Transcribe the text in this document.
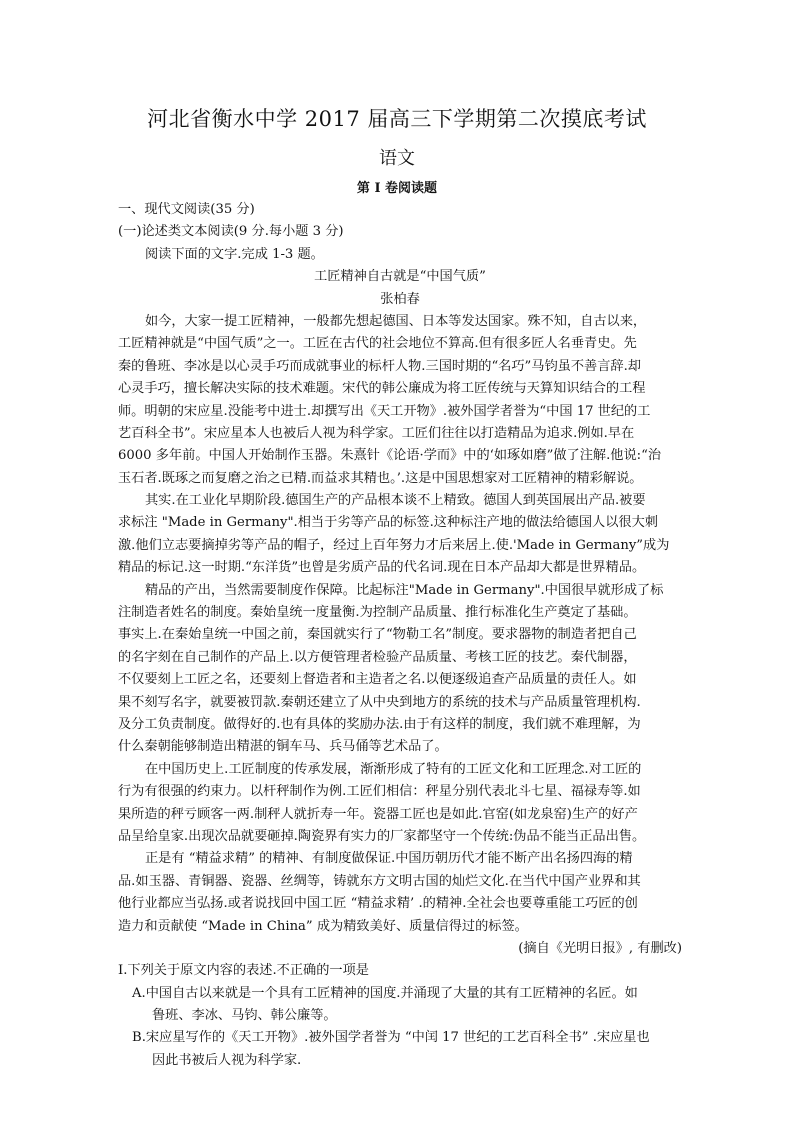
河北省衡水中学 2017 届高三下学期第二次摸底考试
语文
第 I 卷阅读题
一、现代文阅读(35 分)
(一)论述类文本阅读(9 分.每小题 3 分)
阅读下面的文字.完成 1-3 题。
工匠精神自古就是“中国气质”
张柏春
如今，大家一提工匠精神，一般都先想起德国、日本等发达国家。殊不知，自古以来，
工匠精神就是“中国气质”之一。工匠在古代的社会地位不算高.但有很多匠人名垂青史。先
秦的鲁班、李冰是以心灵手巧而成就事业的标杆人物.三国时期的“名巧”马钧虽不善言辞.却
心灵手巧，擅长解决实际的技术难题。宋代的韩公廉成为将工匠传统与天算知识结合的工程
师。明朝的宋应星.没能考中进士.却撰写出《天工开物》.被外国学者誉为“中国 17 世纪的工
艺百科全书”。宋应星本人也被后人视为科学家。工匠们往往以打造精品为追求.例如.早在
6000 多年前。中国人开始制作玉器。朱熹针《论语·学而》中的‘如琢如磨”做了注解.他说:“治
玉石者.既琢之而复磨之治之已精.而益求其精也。’.这是中国思想家对工匠精神的精彩解说。
其实.在工业化早期阶段.德国生产的产品根本谈不上精致。德国人到英国展出产品.被要
求标注 "Made in Germany".相当于劣等产品的标签.这种标注产地的做法给德国人以很大刺
激.他们立志要摘掉劣等产品的帽子，经过上百年努力才后来居上.使.'Made in Germany”成为
精品的标记.这一时期.“东洋货”也曾是劣质产品的代名词.现在日本产品却大都是世界精品。
精品的产出，当然需要制度作保障。比起标注"Made in Germany".中国很早就形成了标
注制造者姓名的制度。秦始皇统一度量衡.为控制产品质量、推行标准化生产奠定了基础。
事实上.在秦始皇统一中国之前，秦国就实行了“物勒工名”制度。要求器物的制造者把自己
的名字刻在自己制作的产品上.以方便管理者检验产品质量、考核工匠的技艺。秦代制器，
不仅要刻上工匠之名，还要刻上督造者和主造者之名.以便逐级追查产品质量的责任人。如
果不刻写名字，就要被罚款.秦朝还建立了从中央到地方的系统的技术与产品质量管理机构.
及分工负责制度。做得好的.也有具体的奖励办法.由于有这样的制度，我们就不难理解，为
什么秦朝能够制造出精湛的铜车马、兵马俑等艺术品了。
在中国历史上.工匠制度的传承发展，渐渐形成了特有的工匠文化和工匠理念.对工匠的
行为有很强的约束力。以杆秤制作为例.工匠们相信：秤星分别代表北斗七星、福禄寿等.如
果所造的秤亏顾客一两.制秤人就折寿一年。瓷器工匠也是如此.官窑(如龙泉窑)生产的好产
品呈给皇家.出现次品就要砸掉.陶瓷界有实力的厂家都坚守一个传统:伪品不能当正品出售。
正是有 “精益求精” 的精神、有制度做保证.中国历朝历代才能不断产出名扬四海的精
品.如玉器、青铜器、瓷器、丝绸等，铸就东方文明古国的灿烂文化.在当代中国产业界和其
他行业都应当弘扬.或者说找回中国工匠 “精益求精’ .的精神.全社会也要尊重能工巧匠的创
造力和贡献使 “Made in China” 成为精致美好、质量信得过的标签。
(摘自《光明日报》, 有删改)
I.下列关于原文内容的表述.不正确的一项是
A.中国自古以来就是一个具有工匠精神的国度.并涌现了大量的其有工匠精神的名匠。如
鲁班、李冰、马钧、韩公廉等。
B.宋应星写作的《天工开物》.被外国学者誉为 “中闰 17 世纪的工艺百科全书” .宋应星也
因此书被后人视为科学家.
